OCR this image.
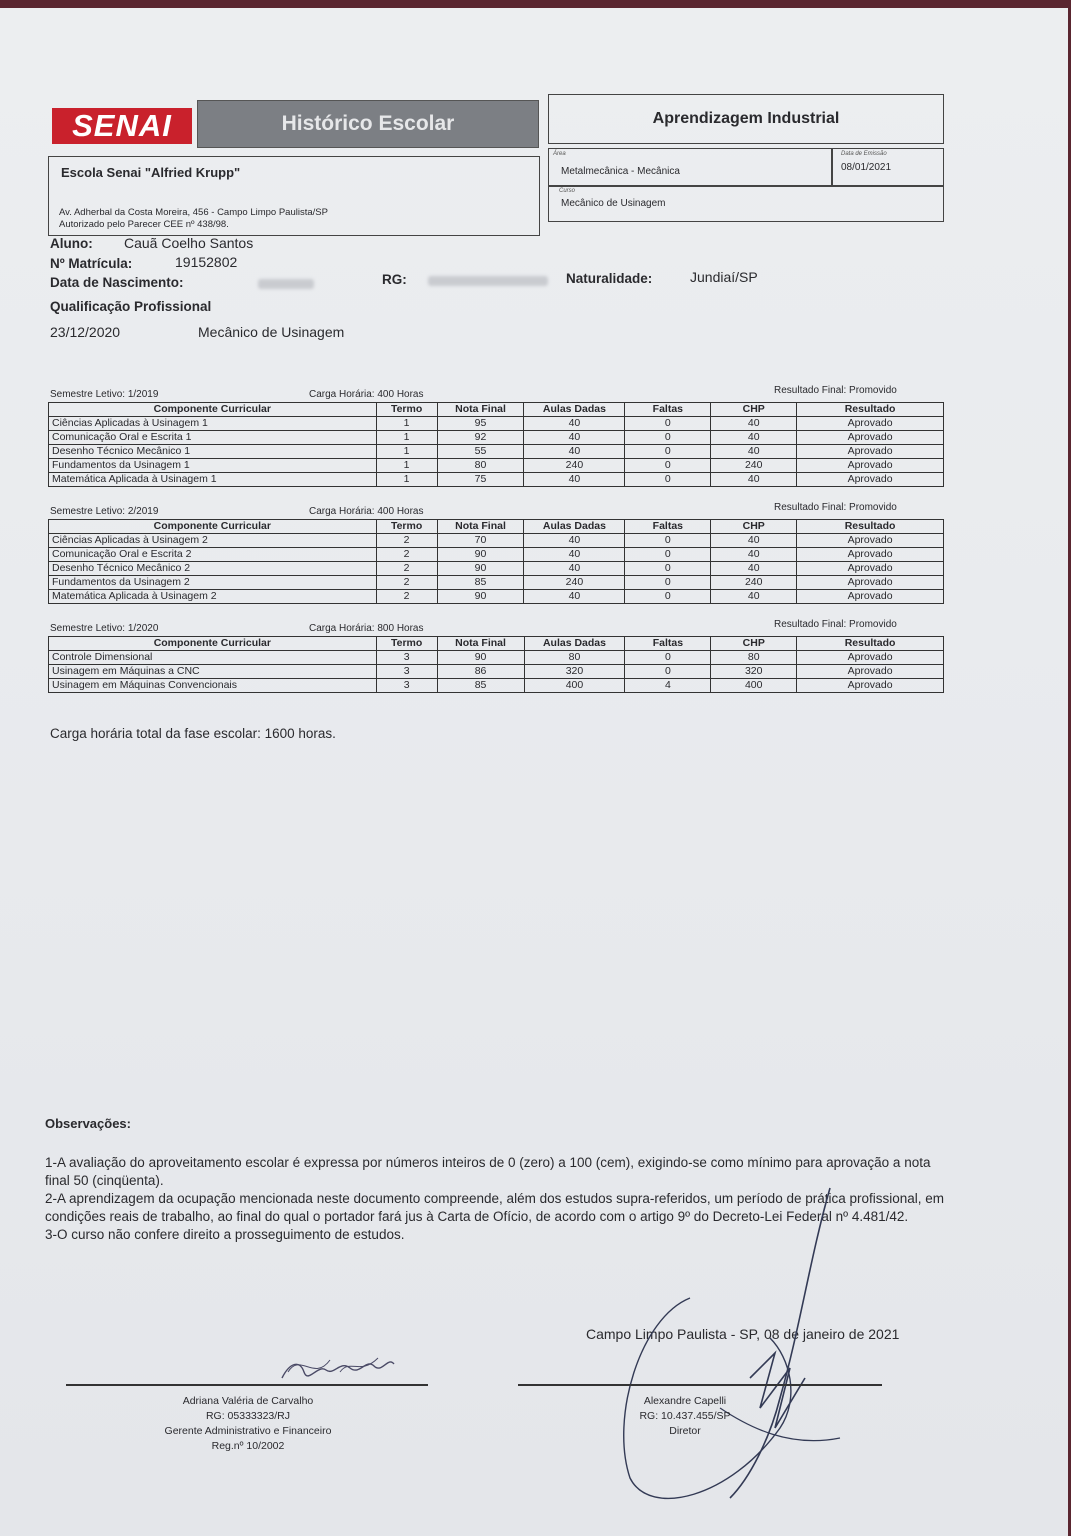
SENAI	Histórico Escolar	Aprendizagem Industrial
Escola Senai "Alfried Krupp"
Av. Adherbal da Costa Moreira, 456 - Campo Limpo Paulista/SP
Autorizado pelo Parecer CEE nº 438/98.
Área
Metalmecânica - Mecânica
Data de Emissão
08/01/2021
Curso
Mecânico de Usinagem
Aluno: Cauã Coelho Santos
Nº Matrícula:	19152802
Data de Nascimento:	RG:	Naturalidade:	Jundiaí/SP
Qualificação Profissional
23/12/2020	Mecânico de Usinagem
Semestre Letivo: 1/2019	Carga Horária: 400 Horas	Resultado Final: Promovido
Componente Curricular	Termo	Nota Final	Aulas Dadas	Faltas	CHP	Resultado
Ciências Aplicadas à Usinagem 1	1	95	40	0	40	Aprovado
Comunicação Oral e Escrita 1	1	92	40	0	40	Aprovado
Desenho Técnico Mecânico 1	1	55	40	0	40	Aprovado
Fundamentos da Usinagem 1	1	80	240	0	240	Aprovado
Matemática Aplicada à Usinagem 1	1	75	40	0	40	Aprovado
Semestre Letivo: 2/2019	Carga Horária: 400 Horas	Resultado Final: Promovido
Componente Curricular	Termo	Nota Final	Aulas Dadas	Faltas	CHP	Resultado
Ciências Aplicadas à Usinagem 2	2	70	40	0	40	Aprovado
Comunicação Oral e Escrita 2	2	90	40	0	40	Aprovado
Desenho Técnico Mecânico 2	2	90	40	0	40	Aprovado
Fundamentos da Usinagem 2	2	85	240	0	240	Aprovado
Matemática Aplicada à Usinagem 2	2	90	40	0	40	Aprovado
Semestre Letivo: 1/2020	Carga Horária: 800 Horas	Resultado Final: Promovido
Componente Curricular	Termo	Nota Final	Aulas Dadas	Faltas	CHP	Resultado
Controle Dimensional	3	90	80	0	80	Aprovado
Usinagem em Máquinas a CNC	3	86	320	0	320	Aprovado
Usinagem em Máquinas Convencionais	3	85	400	4	400	Aprovado
Carga horária total da fase escolar: 1600 horas.
Observações:
1-A avaliação do aproveitamento escolar é expressa por números inteiros de 0 (zero) a 100 (cem), exigindo-se como mínimo para aprovação a nota final 50 (cinqüenta).
2-A aprendizagem da ocupação mencionada neste documento compreende, além dos estudos supra-referidos, um período de prática profissional, em condições reais de trabalho, ao final do qual o portador fará jus à Carta de Ofício, de acordo com o artigo 9º do Decreto-Lei Federal nº 4.481/42.
3-O curso não confere direito a prosseguimento de estudos.
Campo Limpo Paulista - SP, 08 de janeiro de 2021
Adriana Valéria de Carvalho
RG: 05333323/RJ
Gerente Administrativo e Financeiro
Reg.nº 10/2002
Alexandre Capelli
RG: 10.437.455/SP
Diretor
